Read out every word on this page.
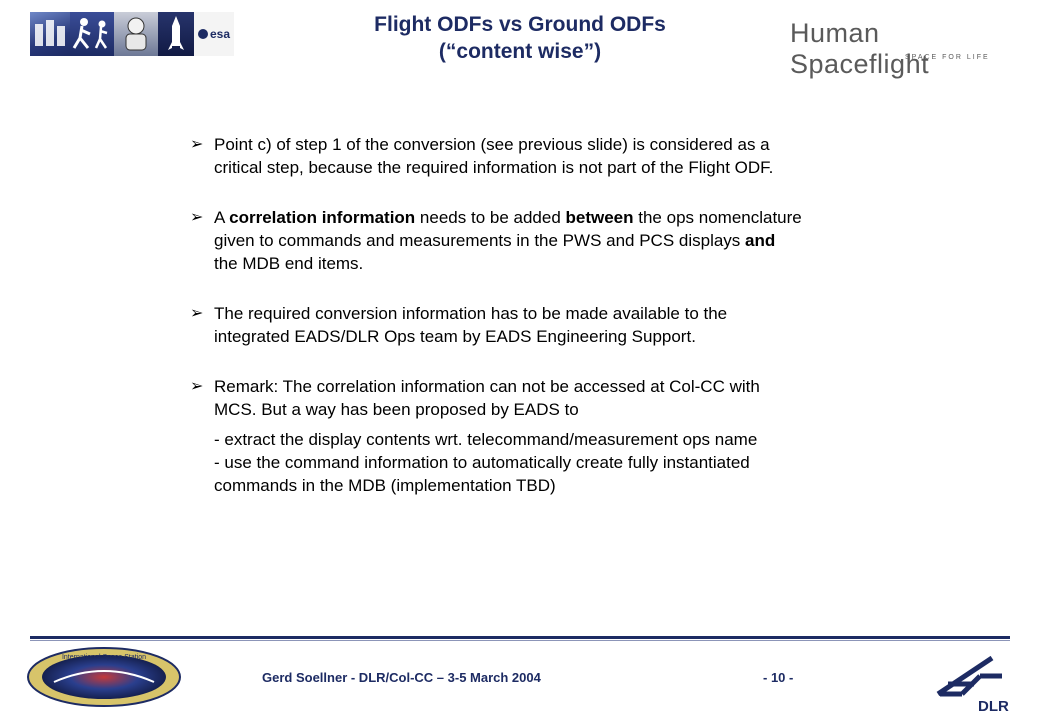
esa	Flight ODFs vs Ground ODFs
(“content wise”)
Human Spaceflight
SPACE FOR LIFE
➢ Point c) of step 1 of the conversion (see previous slide) is considered as a
critical step, because the required information is not part of the Flight ODF.
➢ A correlation information needs to be added between the ops nomenclature
given to commands and measurements in the PWS and PCS displays and
the MDB end items.
➢ The required conversion information has to be made available to the
integrated EADS/DLR Ops team by EADS Engineering Support.
➢ Remark: The correlation information can not be accessed at Col-CC with
MCS. But a way has been proposed by EADS to
- extract the display contents wrt. telecommand/measurement ops name
- use the command information to automatically create fully instantiated
commands in the MDB (implementation TBD)
International Space Station
Gerd Soellner - DLR/Col-CC – 3-5 March 2004	- 10 -
DLR
